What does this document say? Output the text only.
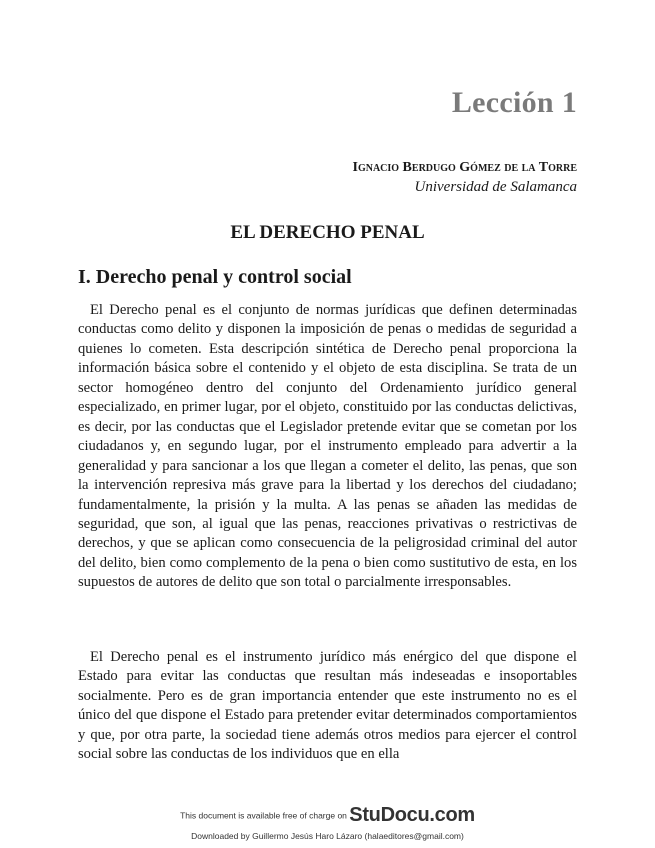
Lección 1
Ignacio Berdugo Gómez de la Torre
Universidad de Salamanca
EL DERECHO PENAL
I. Derecho penal y control social

El Derecho penal es el conjunto de normas jurídicas que definen determinadas conductas como delito y disponen la imposición de penas o medidas de seguridad a quienes lo cometen. Esta descripción sintética de Derecho penal proporciona la información básica sobre el contenido y el objeto de esta disciplina. Se trata de un sector homogéneo dentro del conjunto del Ordenamiento jurídico general especializado, en primer lugar, por el objeto, constituido por las conductas delictivas, es decir, por las conductas que el Legislador pretende evitar que se cometan por los ciudadanos y, en segundo lugar, por el instrumento empleado para advertir a la generalidad y para sancionar a los que llegan a cometer el delito, las penas, que son la intervención represiva más grave para la libertad y los derechos del ciudadano; fundamentalmente, la prisión y la multa. A las penas se añaden las medidas de seguridad, que son, al igual que las penas, reacciones privativas o restrictivas de derechos, y que se aplican como consecuencia de la peligrosidad criminal del autor del delito, bien como complemento de la pena o bien como sustitutivo de esta, en los supuestos de autores de delito que son total o parcialmente irresponsables.

El Derecho penal es el instrumento jurídico más enérgico del que dispone el Estado para evitar las conductas que resultan más indeseadas e insoportables socialmente. Pero es de gran importancia entender que este instrumento no es el único del que dispone el Estado para pretender evitar determinados comportamientos y que, por otra parte, la sociedad tiene además otros medios para ejercer el control social sobre las conductas de los individuos que en ella

This document is available free of charge on StuDocu.com
Downloaded by Guillermo Jesús Haro Lázaro (halaeditores@gmail.com)
